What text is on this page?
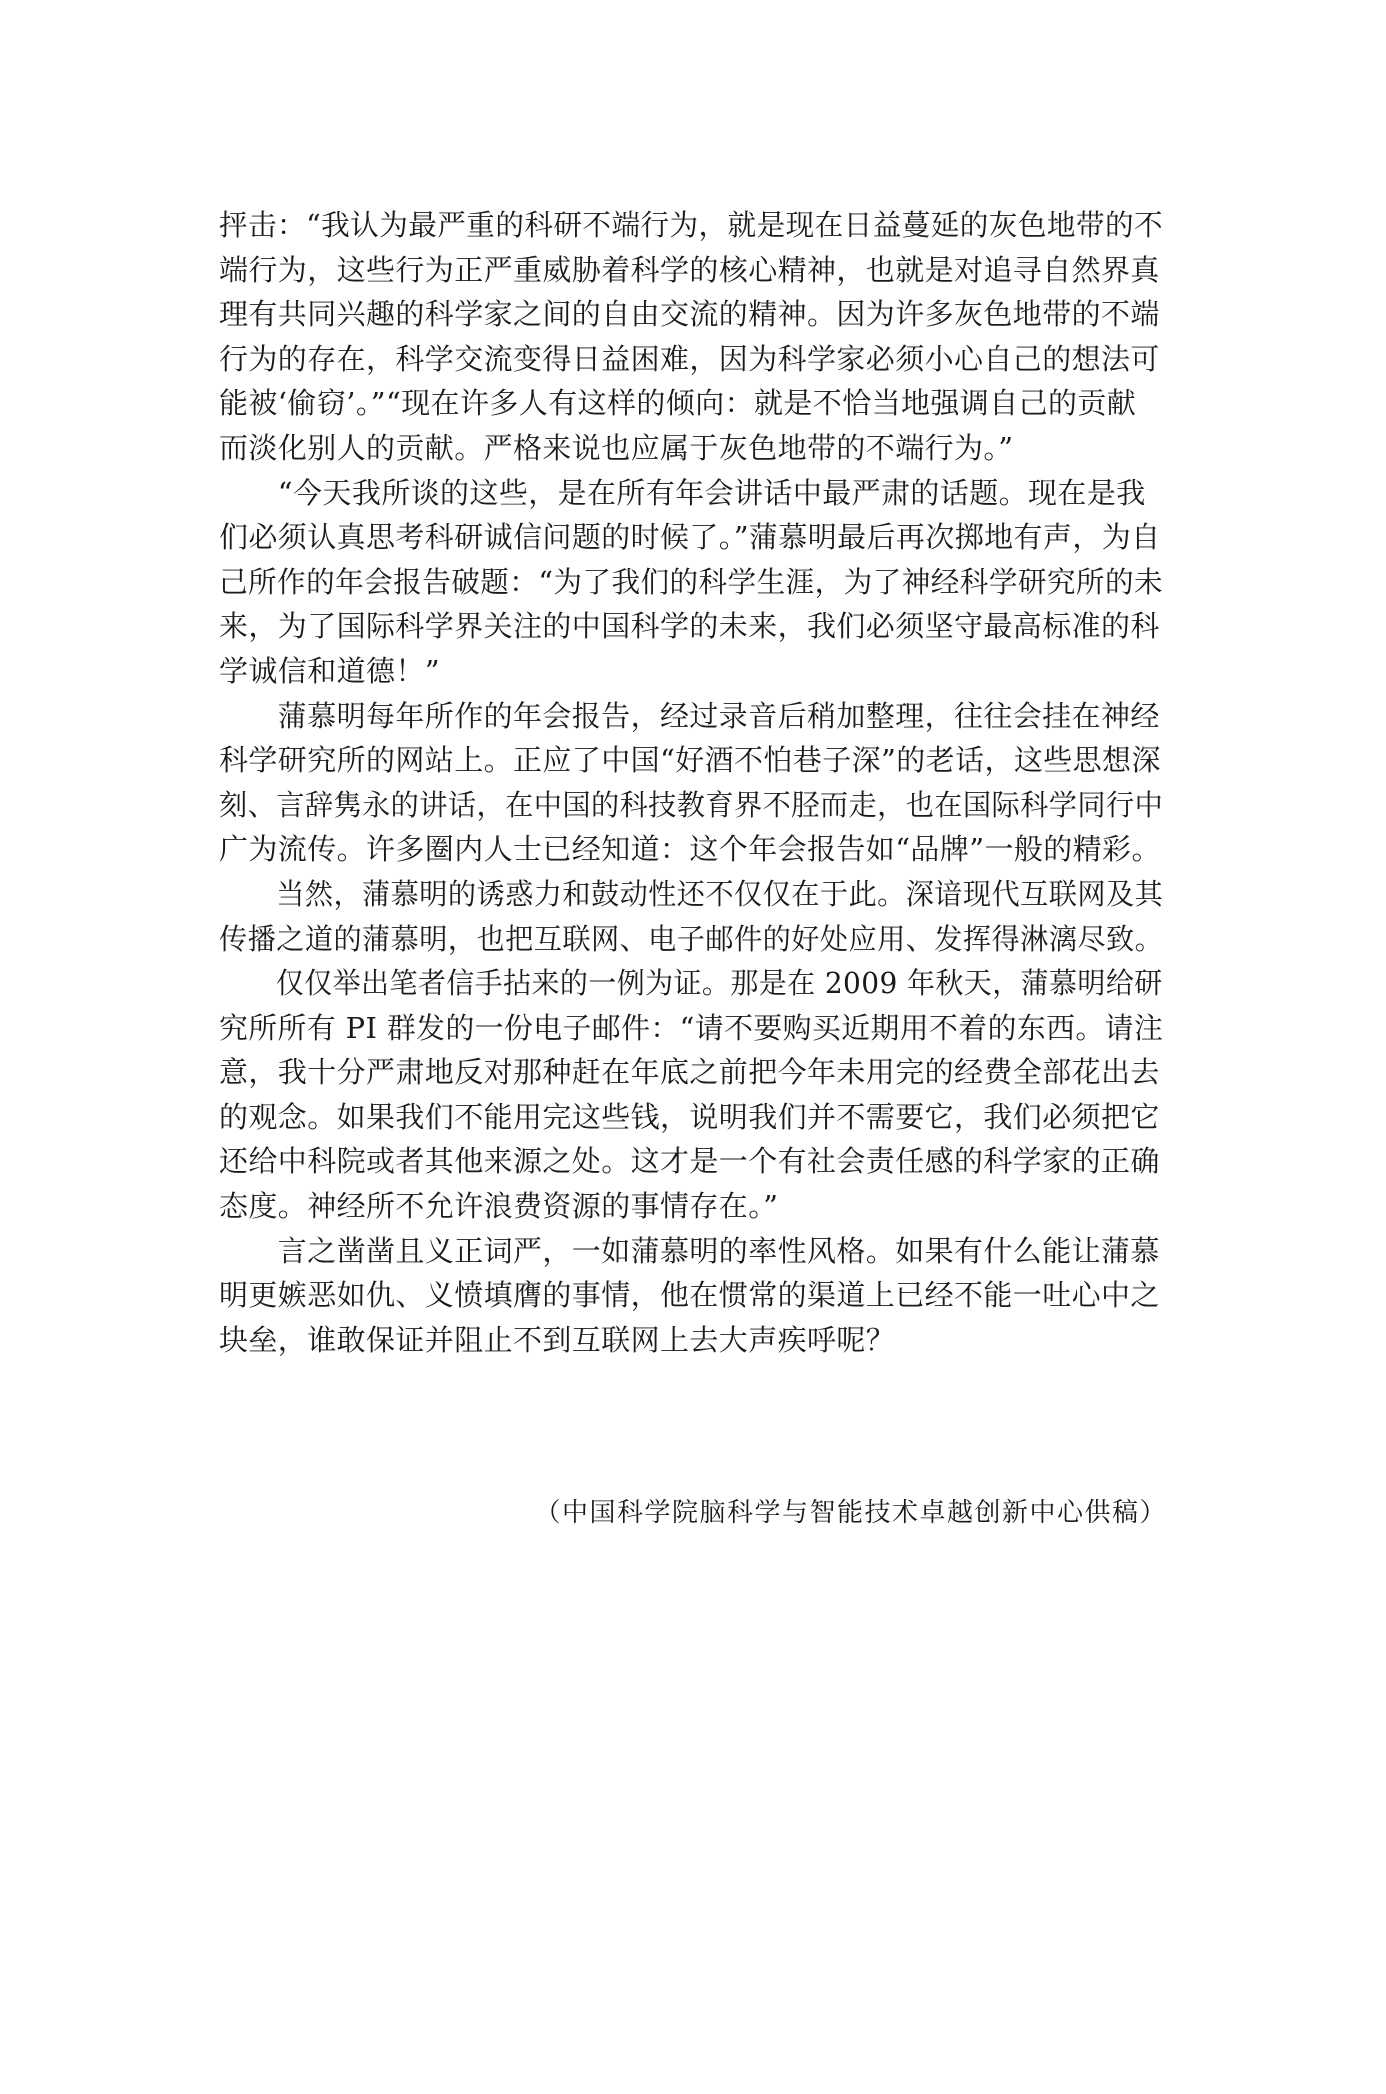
抨击：“我认为最严重的科研不端行为，就是现在日益蔓延的灰色地带的不
端行为，这些行为正严重威胁着科学的核心精神，也就是对追寻自然界真
理有共同兴趣的科学家之间的自由交流的精神。因为许多灰色地带的不端
行为的存在，科学交流变得日益困难，因为科学家必须小心自己的想法可
能被‘偷窃’。”“现在许多人有这样的倾向：就是不恰当地强调自己的贡献
而淡化别人的贡献。严格来说也应属于灰色地带的不端行为。”
　　“今天我所谈的这些，是在所有年会讲话中最严肃的话题。现在是我
们必须认真思考科研诚信问题的时候了。”蒲慕明最后再次掷地有声，为自
己所作的年会报告破题：“为了我们的科学生涯，为了神经科学研究所的未
来，为了国际科学界关注的中国科学的未来，我们必须坚守最高标准的科
学诚信和道德！”
　　蒲慕明每年所作的年会报告，经过录音后稍加整理，往往会挂在神经
科学研究所的网站上。正应了中国“好酒不怕巷子深”的老话，这些思想深
刻、言辞隽永的讲话，在中国的科技教育界不胫而走，也在国际科学同行中
广为流传。许多圈内人士已经知道：这个年会报告如“品牌”一般的精彩。
　　当然，蒲慕明的诱惑力和鼓动性还不仅仅在于此。深谙现代互联网及其
传播之道的蒲慕明，也把互联网、电子邮件的好处应用、发挥得淋漓尽致。
　　仅仅举出笔者信手拈来的一例为证。那是在 2009 年秋天，蒲慕明给研
究所所有 PI 群发的一份电子邮件：“请不要购买近期用不着的东西。请注
意，我十分严肃地反对那种赶在年底之前把今年未用完的经费全部花出去
的观念。如果我们不能用完这些钱，说明我们并不需要它，我们必须把它
还给中科院或者其他来源之处。这才是一个有社会责任感的科学家的正确
态度。神经所不允许浪费资源的事情存在。”
　　言之凿凿且义正词严，一如蒲慕明的率性风格。如果有什么能让蒲慕
明更嫉恶如仇、义愤填膺的事情，他在惯常的渠道上已经不能一吐心中之
块垒，谁敢保证并阻止不到互联网上去大声疾呼呢？
（中国科学院脑科学与智能技术卓越创新中心供稿）
